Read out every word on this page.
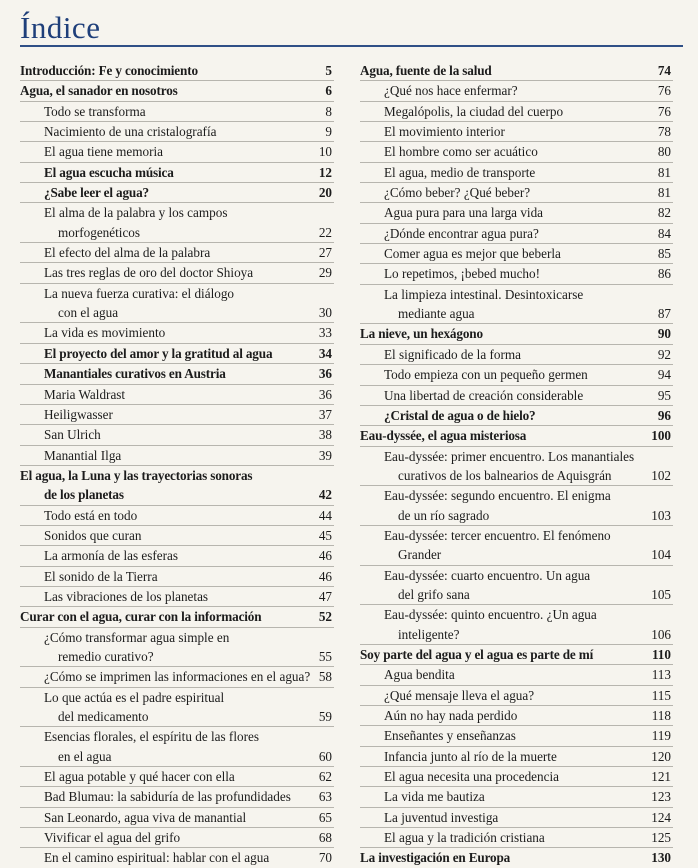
Índice
Introducción: Fe y conocimiento	5
Agua, el sanador en nosotros	6
Todo se transforma	8
Nacimiento de una cristalografía	9
El agua tiene memoria	10
El agua escucha música	12
¿Sabe leer el agua?	20
El alma de la palabra y los campos
morfogenéticos	22
El efecto del alma de la palabra	27
Las tres reglas de oro del doctor Shioya	29
La nueva fuerza curativa: el diálogo
con el agua	30
La vida es movimiento	33
El proyecto del amor y la gratitud al agua	34
Manantiales curativos en Austria	36
Maria Waldrast	36
Heiligwasser	37
San Ulrich	38
Manantial Ilga	39
El agua, la Luna y las trayectorias sonoras
de los planetas	42
Todo está en todo	44
Sonidos que curan	45
La armonía de las esferas	46
El sonido de la Tierra	46
Las vibraciones de los planetas	47
Curar con el agua, curar con la información	52
¿Cómo transformar agua simple en
remedio curativo?	55
¿Cómo se imprimen las informaciones en el agua? 58
Lo que actúa es el padre espiritual
del medicamento	59
Esencias florales, el espíritu de las flores
en el agua	60
El agua potable y qué hacer con ella	62
Bad Blumau: la sabiduría de las profundidades	63
San Leonardo, agua viva de manantial	65
Vivificar el agua del grifo	68
En el camino espiritual: hablar con el agua	70
Agua, fuente de la salud	74
¿Qué nos hace enfermar?	76
Megalópolis, la ciudad del cuerpo	76
El movimiento interior	78
El hombre como ser acuático	80
El agua, medio de transporte	81
¿Cómo beber? ¿Qué beber?	81
Agua pura para una larga vida	82
¿Dónde encontrar agua pura?	84
Comer agua es mejor que beberla	85
Lo repetimos, ¡bebed mucho!	86
La limpieza intestinal. Desintoxicarse
mediante agua	87
La nieve, un hexágono	90
El significado de la forma	92
Todo empieza con un pequeño germen	94
Una libertad de creación considerable	95
¿Cristal de agua o de hielo?	96
Eau-dyssée, el agua misteriosa	100
Eau-dyssée: primer encuentro. Los manantiales
curativos de los balnearios de Aquisgrán	102
Eau-dyssée: segundo encuentro. El enigma
de un río sagrado	103
Eau-dyssée: tercer encuentro. El fenómeno
Grander	104
Eau-dyssée: cuarto encuentro. Un agua
del grifo sana	105
Eau-dyssée: quinto encuentro. ¿Un agua
inteligente?	106
Soy parte del agua y el agua es parte de mí	110
Agua bendita	113
¿Qué mensaje lleva el agua?	115
Aún no hay nada perdido	118
Enseñantes y enseñanzas	119
Infancia junto al río de la muerte	120
El agua necesita una procedencia	121
La vida me bautiza	123
La juventud investiga	124
El agua y la tradición cristiana	125
La investigación en Europa	130
